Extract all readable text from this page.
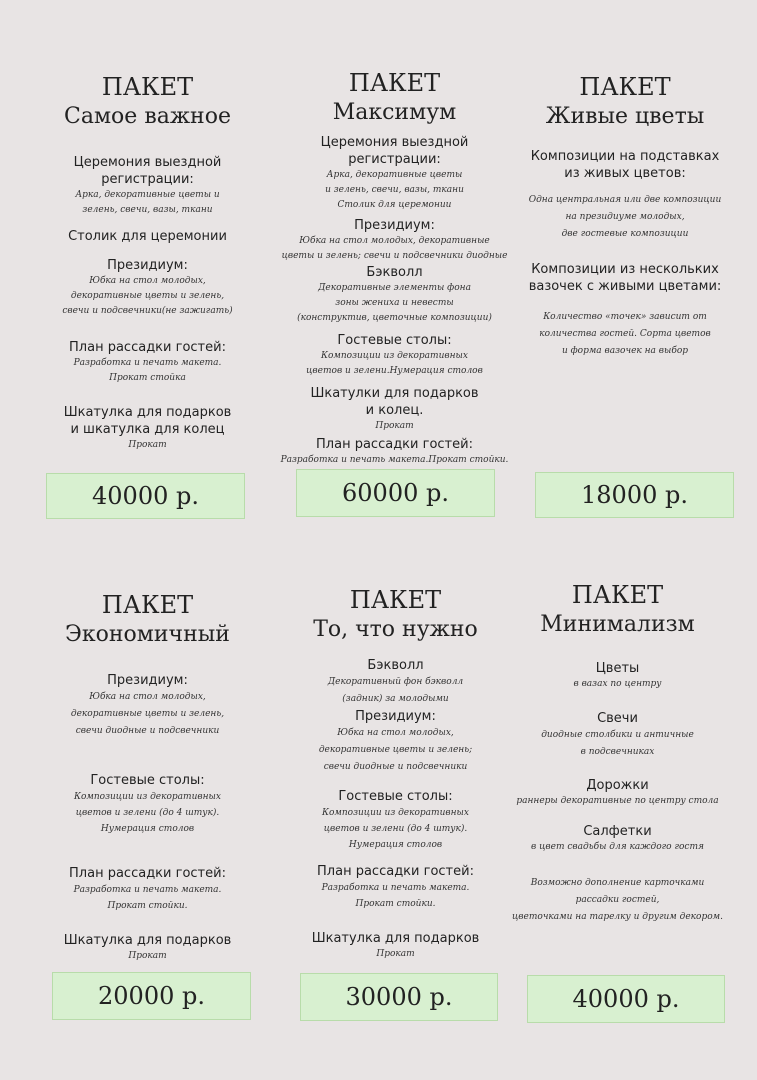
ПАКЕТ
Самое важное
Церемония выездной
регистрации:
Арка, декоративные цветы и
зелень, свечи, вазы, ткани
Столик для церемонии
Президиум:
Юбка на стол молодых,
декоративные цветы и зелень,
свечи и подсвечники(не зажигать)
План рассадки гостей:
Разработка и печать макета.
Прокат стойка
Шкатулка для подарков
и шкатулка для колец
Прокат
40000 р.
ПАКЕТ
Максимум
Церемония выездной
регистрации:
Арка, декоративные цветы
и зелень, свечи, вазы, ткани
Столик для церемонии
Президиум:
Юбка на стол молодых, декоративные
цветы и зелень; свечи и подсвечники диодные
Бэкволл
Декоративные элементы фона
зоны жениха и невесты
(конструктив, цветочные композиции)
Гостевые столы:
Композиции из декоративных
цветов и зелени.Нумерация столов
Шкатулки для подарков
и колец.
Прокат
План рассадки гостей:
Разработка и печать макета.Прокат стойки.
60000 р.
ПАКЕТ
Живые цветы
Композиции на подставках
из живых цветов:
Одна центральная или две композиции
на президиуме молодых,
две гостевые композиции
Композиции из нескольких
вазочек с живыми цветами:
Количество «точек» зависит от
количества гостей. Сорта цветов
и форма вазочек на выбор
18000 р.
ПАКЕТ
Экономичный
Президиум:
Юбка на стол молодых,
декоративные цветы и зелень,
свечи диодные и подсвечники
Гостевые столы:
Композиции из декоративных
цветов и зелени (до 4 штук).
Нумерация столов
План рассадки гостей:
Разработка и печать макета.
Прокат стойки.
Шкатулка для подарков
Прокат
20000 р.
ПАКЕТ
То, что нужно
Бэкволл
Декоративный фон бэкволл
(задник) за молодыми
Президиум:
Юбка на стол молодых,
декоративные цветы и зелень;
свечи диодные и подсвечники
Гостевые столы:
Композиции из декоративных
цветов и зелени (до 4 штук).
Нумерация столов
План рассадки гостей:
Разработка и печать макета.
Прокат стойки.
Шкатулка для подарков
Прокат
30000 р.
ПАКЕТ
Минимализм
Цветы
в вазах по центру
Свечи
диодные столбики и античные
в подсвечниках
Дорожки
раннеры декоративные по центру стола
Салфетки
в цвет свадьбы для каждого гостя
Возможно дополнение карточками
рассадки гостей,
цветочками на тарелку и другим декором.
40000 р.
